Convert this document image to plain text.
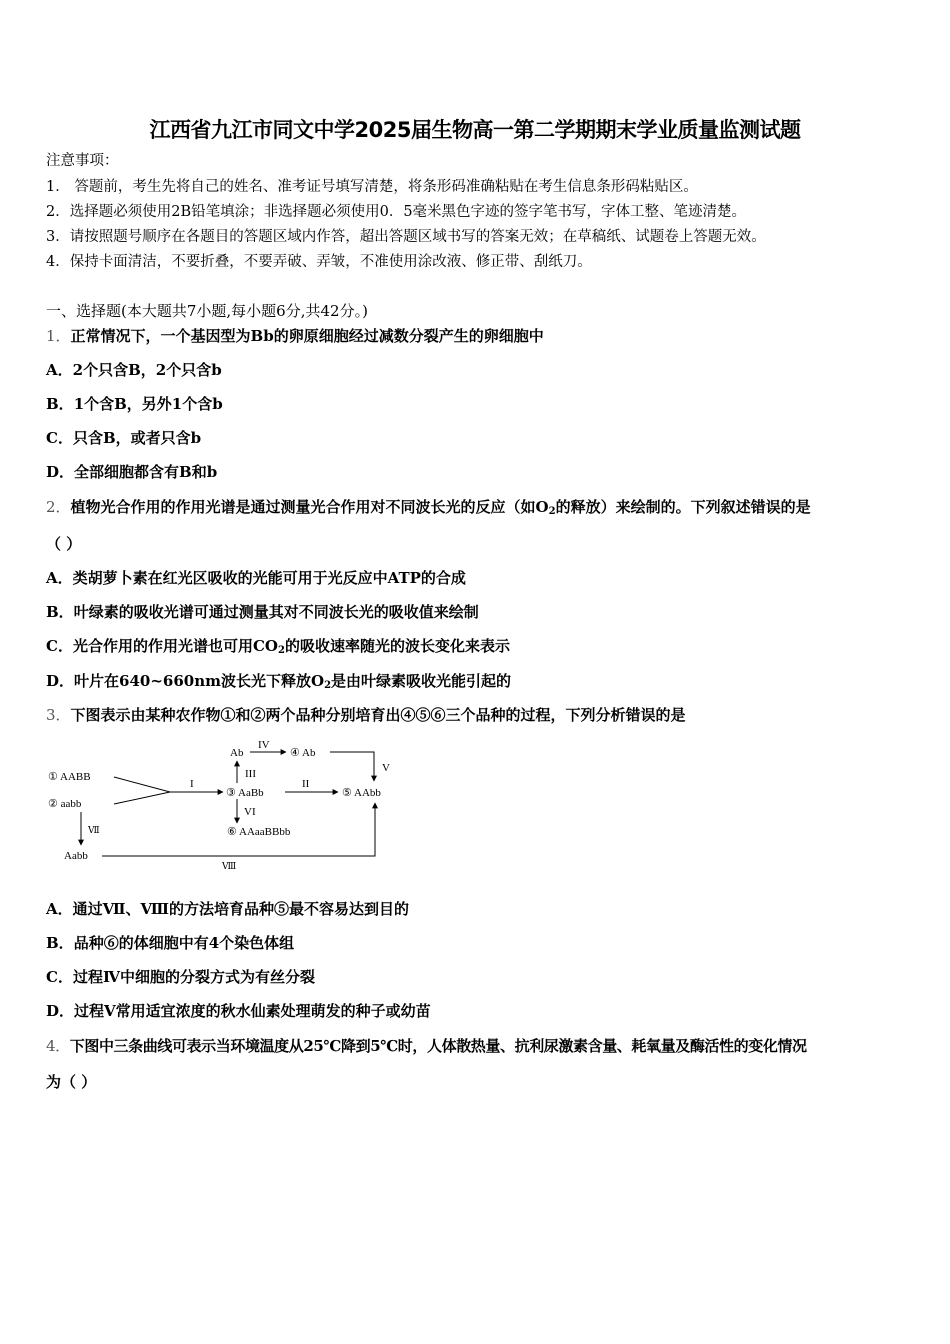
江西省九江市同文中学2025届生物高一第二学期期末学业质量监测试题
注意事项：
1． 答题前，考生先将自己的姓名、准考证号填写清楚，将条形码准确粘贴在考生信息条形码粘贴区。
2．选择题必须使用2B铅笔填涂；非选择题必须使用0．5毫米黑色字迹的签字笔书写，字体工整、笔迹清楚。
3．请按照题号顺序在各题目的答题区域内作答，超出答题区域书写的答案无效；在草稿纸、试题卷上答题无效。
4．保持卡面清洁，不要折叠，不要弄破、弄皱，不准使用涂改液、修正带、刮纸刀。
一、选择题(本大题共7小题,每小题6分,共42分。)
1．正常情况下，一个基因型为Bb的卵原细胞经过减数分裂产生的卵细胞中
A．2个只含B，2个只含b
B．1个含B，另外1个含b
C．只含B，或者只含b
D．全部细胞都含有B和b
2．植物光合作用的作用光谱是通过测量光合作用对不同波长光的反应（如$O_2$的释放）来绘制的。下列叙述错误的是
（ ）
A．类胡萝卜素在红光区吸收的光能可用于光反应中ATP的合成
B．叶绿素的吸收光谱可通过测量其对不同波长光的吸收值来绘制
C．光合作用的作用光谱也可用$CO_2$的吸收速率随光的波长变化来表示
D．叶片在640~660nm波长光下释放$O_2$是由叶绿素吸收光能引起的
3．下图表示由某种农作物①和②两个品种分别培育出④⑤⑥三个品种的过程，下列分析错误的是
① AABB
② aabb
③ AaBb
④ Ab
⑤ AAbb
⑥ AAaaBBbb
Ab
Aabb
I	II
III
IV
V
VI
Ⅶ
Ⅷ
A．通过Ⅶ、Ⅷ的方法培育品种⑤最不容易达到目的
B．品种⑥的体细胞中有4个染色体组
C．过程Ⅳ中细胞的分裂方式为有丝分裂
D．过程Ⅴ常用适宜浓度的秋水仙素处理萌发的种子或幼苗
4．下图中三条曲线可表示当环境温度从25℃降到5℃时，人体散热量、抗利尿激素含量、耗氧量及酶活性的变化情况
为（ ）
